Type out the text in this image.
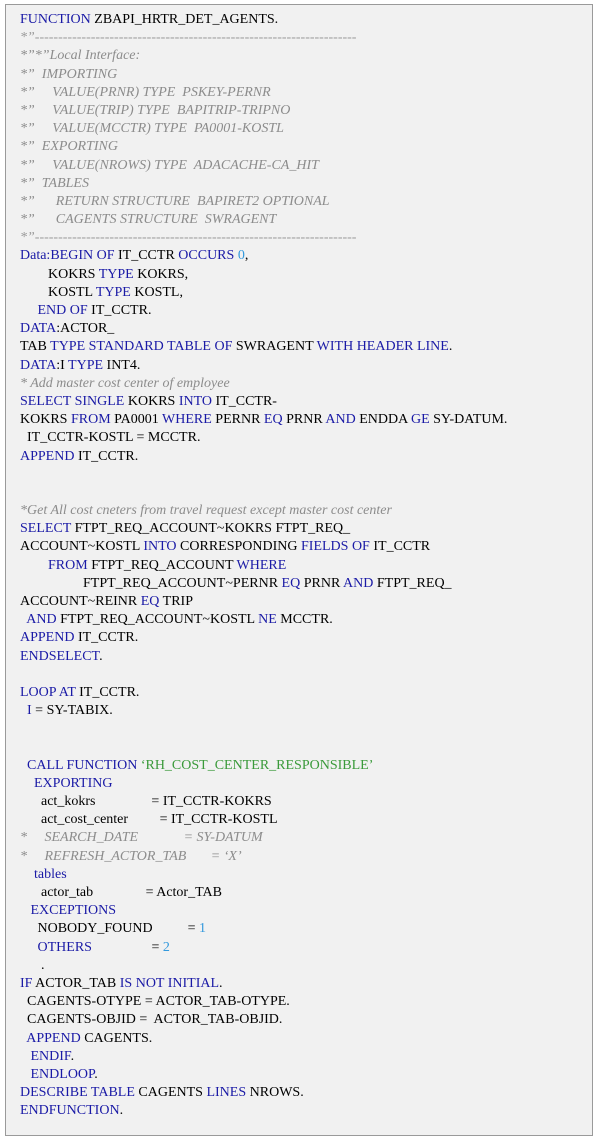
FUNCTION ZBAPI_HRTR_DET_AGENTS.
*”---------------------------------------------------------------------
*”*”Local Interface:
*”  IMPORTING
*”     VALUE(PRNR) TYPE  PSKEY-PERNR
*”     VALUE(TRIP) TYPE  BAPITRIP-TRIPNO
*”     VALUE(MCCTR) TYPE  PA0001-KOSTL
*”  EXPORTING
*”     VALUE(NROWS) TYPE  ADACACHE-CA_HIT
*”  TABLES
*”      RETURN STRUCTURE  BAPIRET2 OPTIONAL
*”      CAGENTS STRUCTURE  SWRAGENT
*”---------------------------------------------------------------------
Data:BEGIN OF IT_CCTR OCCURS 0,
KOKRS TYPE KOKRS,
KOSTL TYPE KOSTL,
END OF IT_CCTR.
DATA:ACTOR_
TAB TYPE STANDARD TABLE OF SWRAGENT WITH HEADER LINE.
DATA:I TYPE INT4.
* Add master cost center of employee
SELECT SINGLE KOKRS INTO IT_CCTR-
KOKRS FROM PA0001 WHERE PERNR EQ PRNR AND ENDDA GE SY-DATUM.
IT_CCTR-KOSTL = MCCTR.
APPEND IT_CCTR.
*Get All cost cneters from travel request except master cost center
SELECT FTPT_REQ_ACCOUNT~KOKRS FTPT_REQ_
ACCOUNT~KOSTL INTO CORRESPONDING FIELDS OF IT_CCTR
FROM FTPT_REQ_ACCOUNT WHERE
FTPT_REQ_ACCOUNT~PERNR EQ PRNR AND FTPT_REQ_
ACCOUNT~REINR EQ TRIP
AND FTPT_REQ_ACCOUNT~KOSTL NE MCCTR.
APPEND IT_CCTR.
ENDSELECT.
LOOP AT IT_CCTR.
I = SY-TABIX.
CALL FUNCTION ‘RH_COST_CENTER_RESPONSIBLE’
EXPORTING
act_kokrs                = IT_CCTR-KOKRS
act_cost_center         = IT_CCTR-KOSTL
*     SEARCH_DATE             = SY-DATUM
*     REFRESH_ACTOR_TAB       = ‘X’
tables
actor_tab               = Actor_TAB
EXCEPTIONS
NOBODY_FOUND          = 1
OTHERS                 = 2
.
IF ACTOR_TAB IS NOT INITIAL.
CAGENTS-OTYPE = ACTOR_TAB-OTYPE.
CAGENTS-OBJID =  ACTOR_TAB-OBJID.
APPEND CAGENTS.
ENDIF.
ENDLOOP.
DESCRIBE TABLE CAGENTS LINES NROWS.
ENDFUNCTION.
